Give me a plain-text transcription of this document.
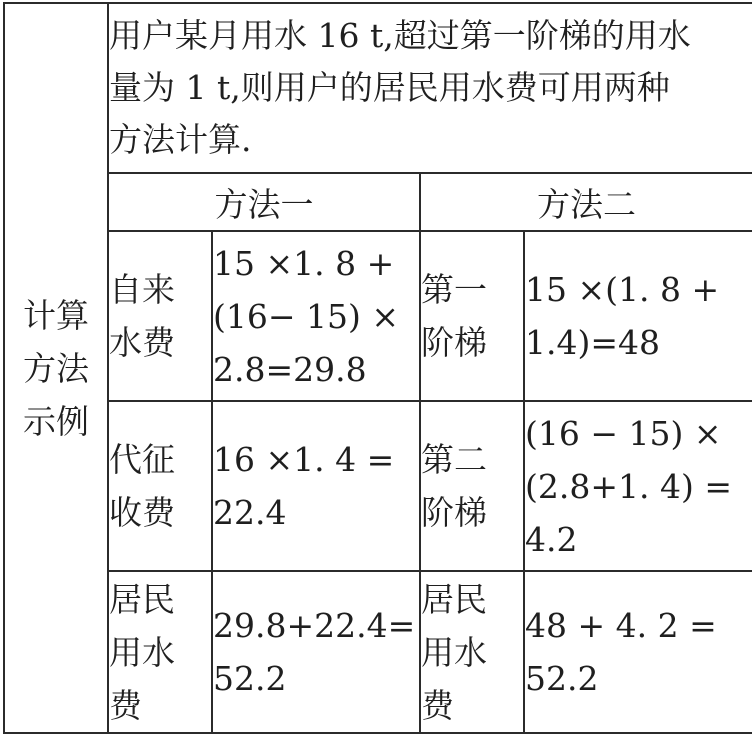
计算
方法
示例	用户某月用水 16 t,超过第一阶梯的用水
量为 1 t,则用户的居民用水费可用两种
方法计算.			

	方法一		方法二	

	自来
水费	15 ×1. 8 +
(16− 15) ×
2.8=29.8	第一
阶梯	15 ×(1. 8 +
1.4)=48

	代征
收费	16 ×1. 4 =
22.4	第二
阶梯	(16 − 15) ×
(2.8+1. 4) =
4.2

	居民
用水
费	29.8+22.4=
52.2	居民
用水
费	48 + 4. 2 =
52.2
